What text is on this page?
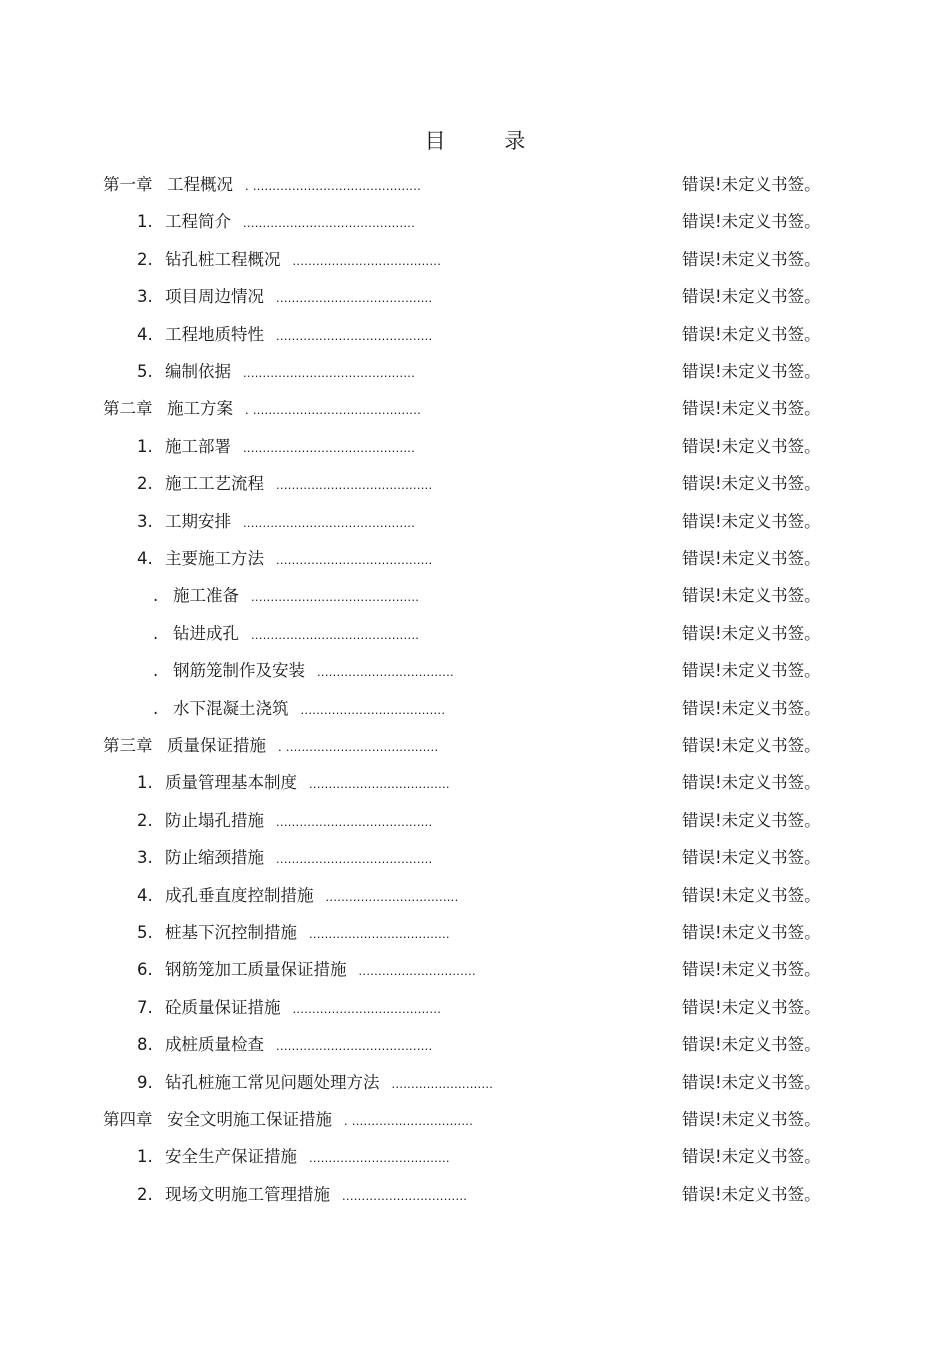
目 录
第一章 工程概况 . ...........................................	错误!未定义书签。
1. 工程简介 ............................................	错误!未定义书签。
2. 钻孔桩工程概况 ......................................	错误!未定义书签。
3. 项目周边情况 ........................................	错误!未定义书签。
4. 工程地质特性 ........................................	错误!未定义书签。
5. 编制依据 ............................................	错误!未定义书签。
第二章 施工方案 . ...........................................	错误!未定义书签。
1. 施工部署 ............................................	错误!未定义书签。
2. 施工工艺流程 ........................................	错误!未定义书签。
3. 工期安排 ............................................	错误!未定义书签。
4. 主要施工方法 ........................................	错误!未定义书签。
. 施工准备 ...........................................	错误!未定义书签。
. 钻进成孔 ...........................................	错误!未定义书签。
. 钢筋笼制作及安装 ...................................	错误!未定义书签。
. 水下混凝土浇筑 .....................................	错误!未定义书签。
第三章 质量保证措施 . .......................................	错误!未定义书签。
1. 质量管理基本制度 ....................................	错误!未定义书签。
2. 防止塌孔措施 ........................................	错误!未定义书签。
3. 防止缩颈措施 ........................................	错误!未定义书签。
4. 成孔垂直度控制措施 ..................................	错误!未定义书签。
5. 桩基下沉控制措施 ....................................	错误!未定义书签。
6. 钢筋笼加工质量保证措施 ..............................	错误!未定义书签。
7. 砼质量保证措施 ......................................	错误!未定义书签。
8. 成桩质量检查 ........................................	错误!未定义书签。
9. 钻孔桩施工常见问题处理方法 ..........................	错误!未定义书签。
第四章 安全文明施工保证措施 . ...............................	错误!未定义书签。
1. 安全生产保证措施 ....................................	错误!未定义书签。
2. 现场文明施工管理措施 ................................	错误!未定义书签。
